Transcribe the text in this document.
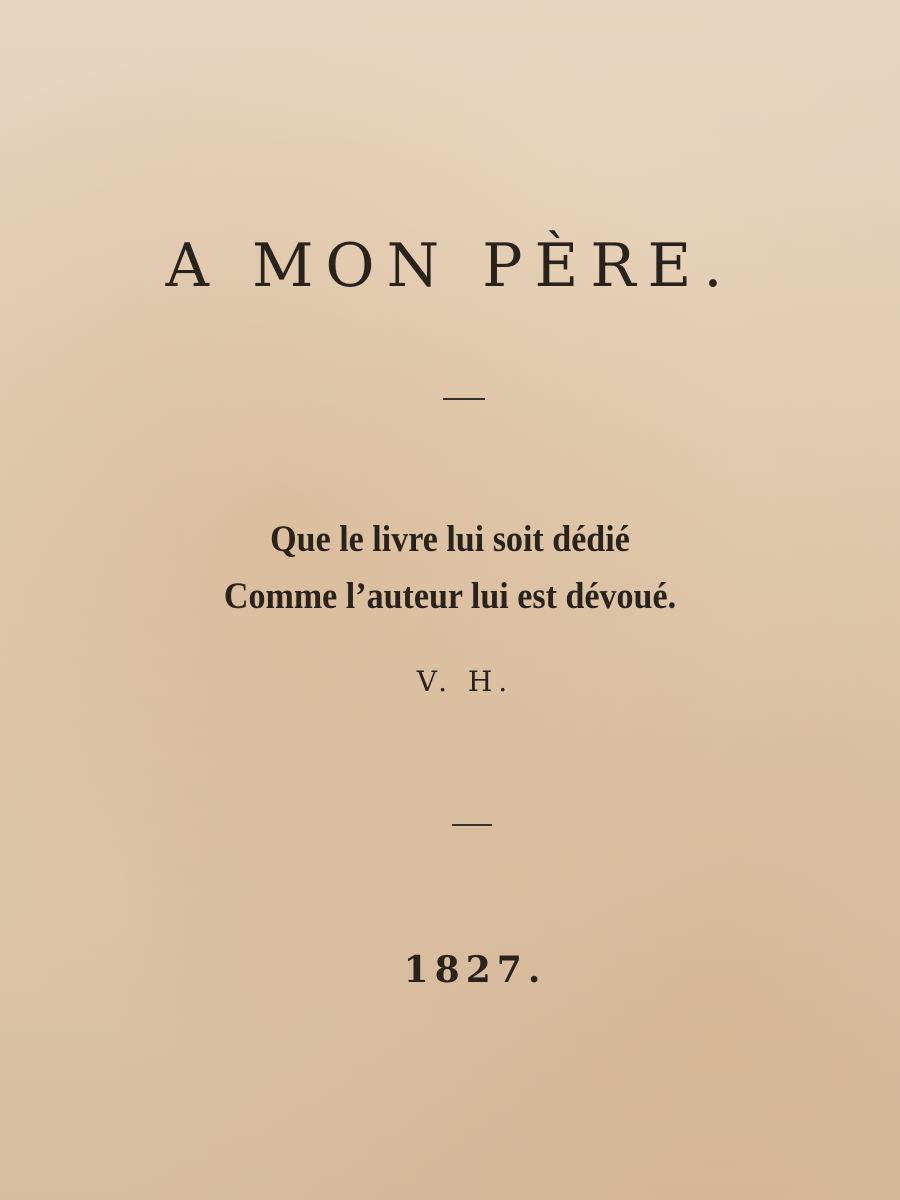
A MON PÈRE.
Que le livre lui soit dédié
Comme l’auteur lui est dévoué.
V. H.
1827.
